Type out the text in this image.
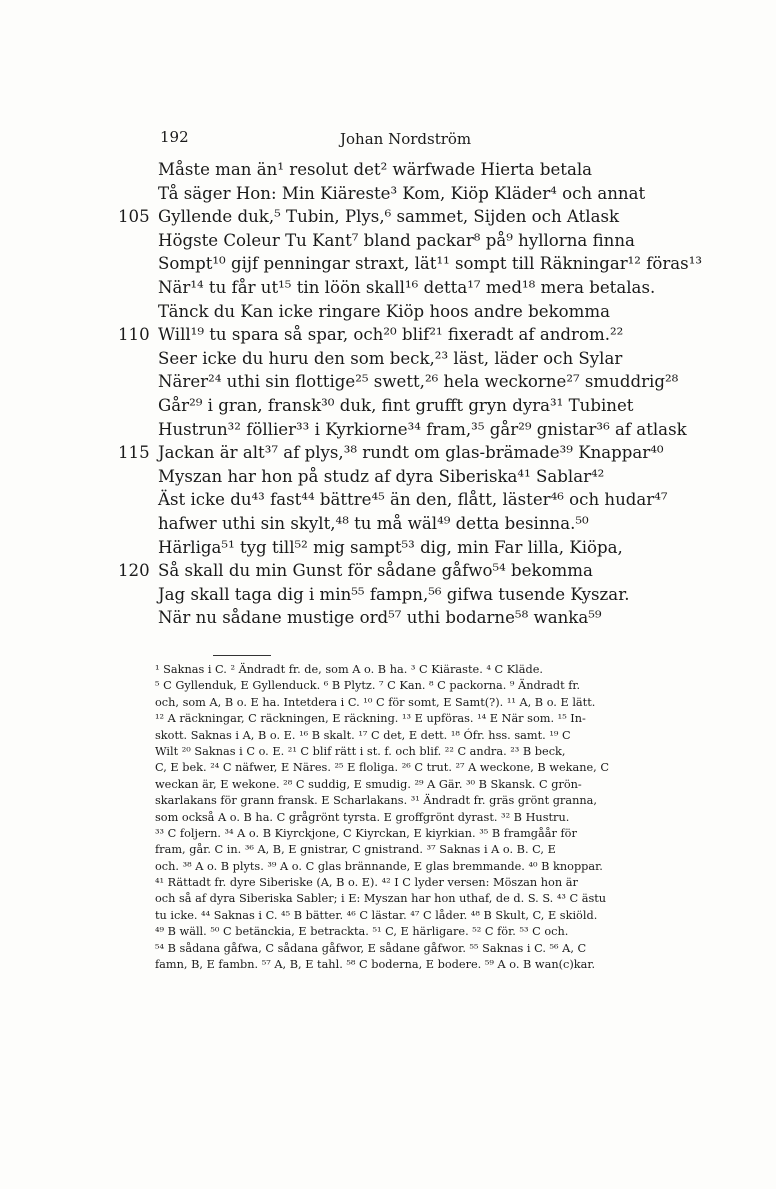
192	Johan Nordström
Måste man än¹ resolut det² wärfwade Hierta betala
Tå säger Hon: Min Kiäreste³ Kom, Kiöp Kläder⁴ och annat
105 Gyllende duk,⁵ Tubin, Plys,⁶ sammet, Sijden och Atlask
Högste Coleur Tu Kant⁷ bland packar⁸ på⁹ hyllorna finna
Sompt¹⁰ gijf penningar straxt, lät¹¹ sompt till Räkningar¹² föras¹³
När¹⁴ tu får ut¹⁵ tin löön skall¹⁶ detta¹⁷ med¹⁸ mera betalas.
Tänck du Kan icke ringare Kiöp hoos andre bekomma
110 Will¹⁹ tu spara så spar, och²⁰ blif²¹ fixeradt af androm.²²
Seer icke du huru den som beck,²³ läst, läder och Sylar
Närer²⁴ uthi sin flottige²⁵ swett,²⁶ hela weckorne²⁷ smuddrig²⁸
Går²⁹ i gran, fransk³⁰ duk, fint grufft gryn dyra³¹ Tubinet
Hustrun³² föllier³³ i Kyrkiorne³⁴ fram,³⁵ går²⁹ gnistar³⁶ af atlask
115 Jackan är alt³⁷ af plys,³⁸ rundt om glas-brämade³⁹ Knappar⁴⁰
Myszan har hon på studz af dyra Siberiska⁴¹ Sablar⁴²
Äst icke du⁴³ fast⁴⁴ bättre⁴⁵ än den, flått, läster⁴⁶ och hudar⁴⁷
hafwer uthi sin skylt,⁴⁸ tu må wäl⁴⁹ detta besinna.⁵⁰
Härliga⁵¹ tyg till⁵² mig sampt⁵³ dig, min Far lilla, Kiöpa,
120 Så skall du min Gunst för sådane gåfwo⁵⁴ bekomma
Jag skall taga dig i min⁵⁵ fampn,⁵⁶ gifwa tusende Kyszar.
När nu sådane mustige ord⁵⁷ uthi bodarne⁵⁸ wanka⁵⁹
¹ Saknas i C. ² Ändradt fr. de, som A o. B ha. ³ C Kiäraste. ⁴ C Kläde.
⁵ C Gyllenduk, E Gyllenduck. ⁶ B Plytz. ⁷ C Kan. ⁸ C packorna. ⁹ Ändradt fr.
och, som A, B o. E ha. Intetdera i C. ¹⁰ C för somt, E Samt(?). ¹¹ A, B o. E lätt.
¹² A räckningar, C räckningen, E räckning. ¹³ E upföras. ¹⁴ E När som. ¹⁵ In-
skott. Saknas i A, B o. E. ¹⁶ B skalt. ¹⁷ C det, E dett. ¹⁸ Ófr. hss. samt. ¹⁹ C
Wilt ²⁰ Saknas i C o. E. ²¹ C blif rätt i st. f. och blif. ²² C andra. ²³ B beck,
C, E bek. ²⁴ C näfwer, E Näres. ²⁵ E floliga. ²⁶ C trut. ²⁷ A weckone, B wekane, C
weckan är, E wekone. ²⁸ C suddig, E smudig. ²⁹ A Gär. ³⁰ B Skansk. C grön-
skarlakans för grann fransk. E Scharlakans. ³¹ Ändradt fr. gräs grönt granna,
som också A o. B ha. C grågrönt tyrsta. E groffgrönt dyrast. ³² B Hustru.
³³ C foljern. ³⁴ A o. B Kiyrckjone, C Kiyrckan, E kiyrkian. ³⁵ B framgåår för
fram, går. C in. ³⁶ A, B, E gnistrar, C gnistrand. ³⁷ Saknas i A o. B. C, E
och. ³⁸ A o. B plyts. ³⁹ A o. C glas brännande, E glas bremmande. ⁴⁰ B knoppar.
⁴¹ Rättadt fr. dyre Siberiske (A, B o. E). ⁴² I C lyder versen: Möszan hon är
och så af dyra Siberiska Sabler; i E: Myszan har hon uthaf, de d. S. S. ⁴³ C ästu
tu icke. ⁴⁴ Saknas i C. ⁴⁵ B bätter. ⁴⁶ C lästar. ⁴⁷ C låder. ⁴⁸ B Skult, C, E skiöld.
⁴⁹ B wäll. ⁵⁰ C betänckia, E betrackta. ⁵¹ C, E härligare. ⁵² C för. ⁵³ C och.
⁵⁴ B sådana gåfwa, C sådana gåfwor, E sådane gåfwor. ⁵⁵ Saknas i C. ⁵⁶ A, C
famn, B, E fambn. ⁵⁷ A, B, E tahl. ⁵⁸ C boderna, E bodere. ⁵⁹ A o. B wan(c)kar.
